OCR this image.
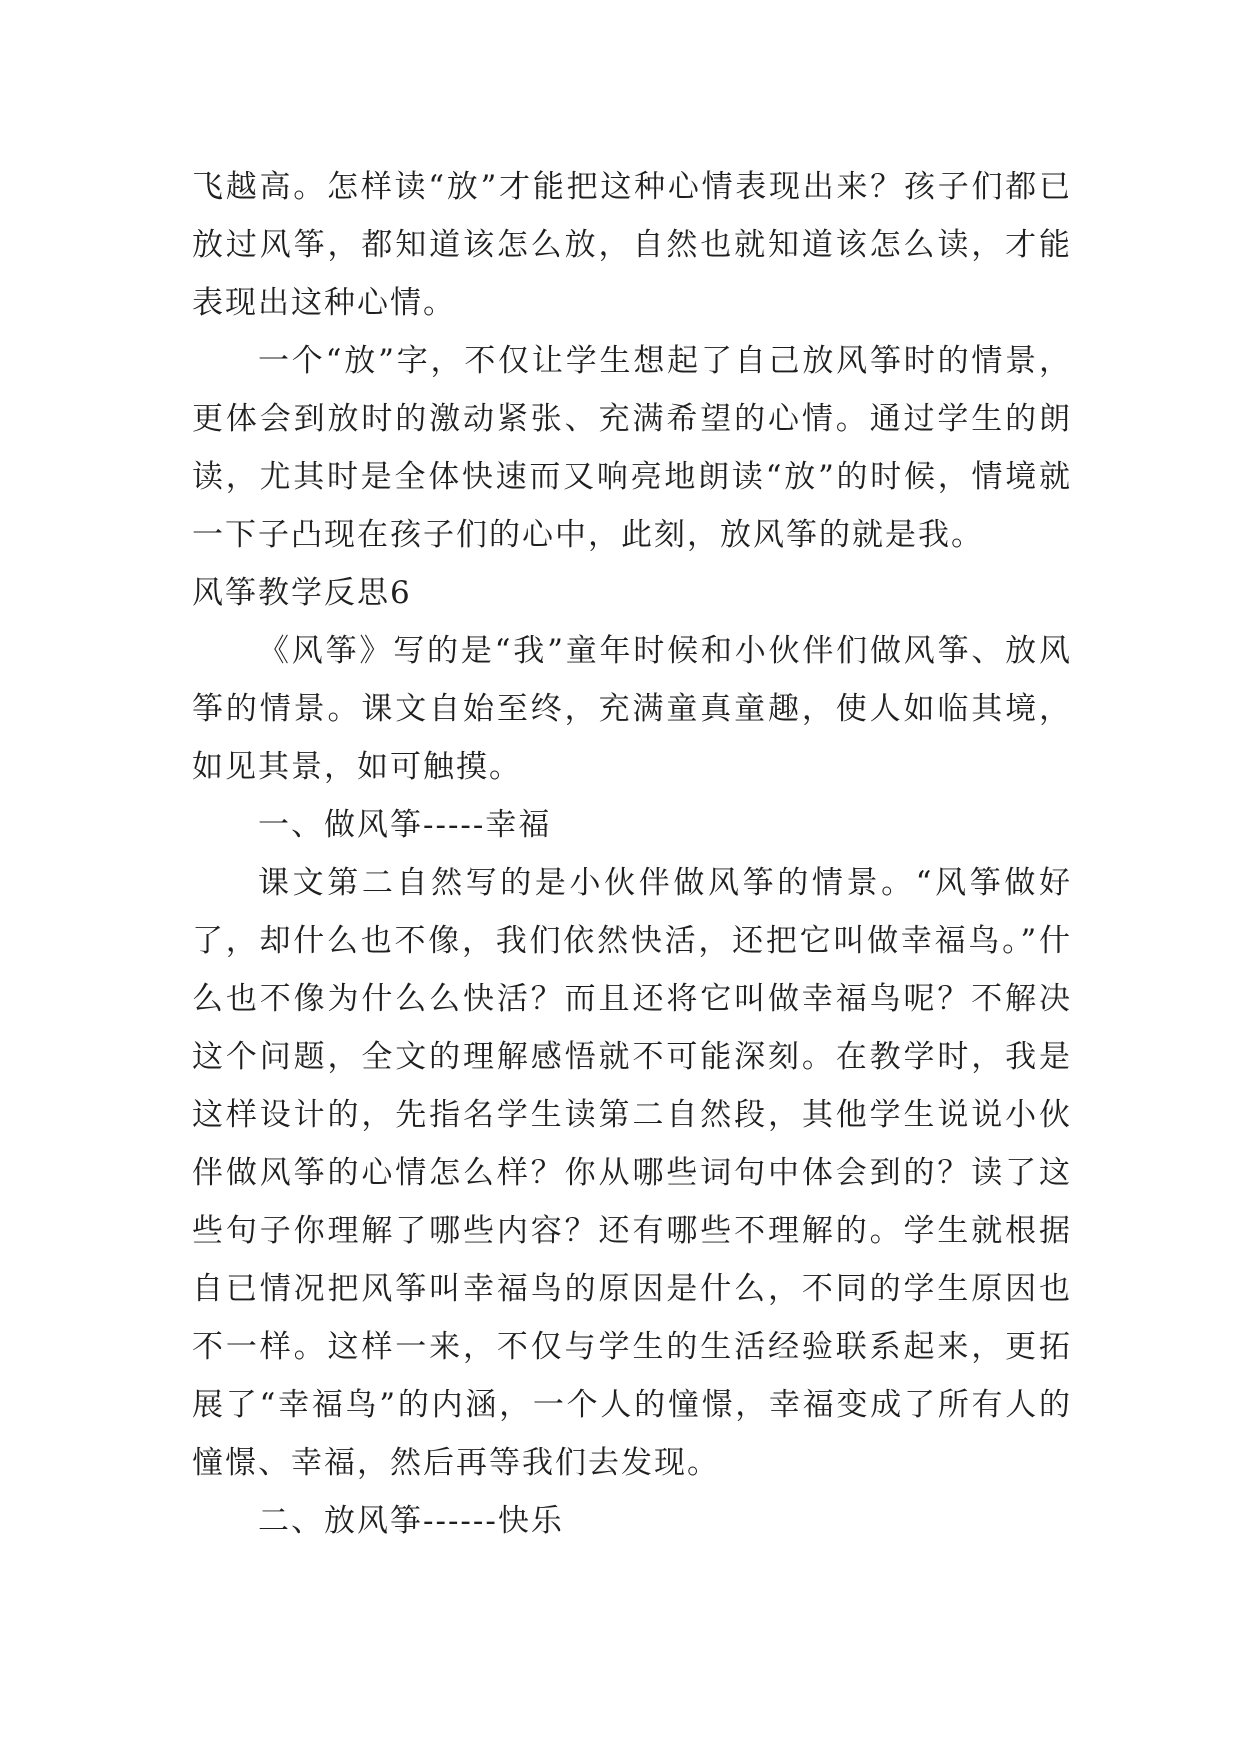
飞越高。怎样读“放”才能把这种心情表现出来？孩子们都已放过风筝，都知道该怎么放，自然也就知道该怎么读，才能表现出这种心情。

一个“放”字，不仅让学生想起了自己放风筝时的情景，更体会到放时的激动紧张、充满希望的心情。通过学生的朗读，尤其时是全体快速而又响亮地朗读“放”的时候，情境就一下子凸现在孩子们的心中，此刻，放风筝的就是我。

风筝教学反思6

《风筝》写的是“我”童年时候和小伙伴们做风筝、放风筝的情景。课文自始至终，充满童真童趣，使人如临其境，如见其景，如可触摸。

一、做风筝-----幸福

课文第二自然写的是小伙伴做风筝的情景。“风筝做好了，却什么也不像，我们依然快活，还把它叫做幸福鸟。”什么也不像为什么么快活？而且还将它叫做幸福鸟呢？不解决这个问题，全文的理解感悟就不可能深刻。在教学时，我是这样设计的，先指名学生读第二自然段，其他学生说说小伙伴做风筝的心情怎么样？你从哪些词句中体会到的？读了这些句子你理解了哪些内容？还有哪些不理解的。学生就根据自已情况把风筝叫幸福鸟的原因是什么，不同的学生原因也不一样。这样一来，不仅与学生的生活经验联系起来，更拓展了“幸福鸟”的内涵，一个人的憧憬，幸福变成了所有人的憧憬、幸福，然后再等我们去发现。

二、放风筝------快乐
